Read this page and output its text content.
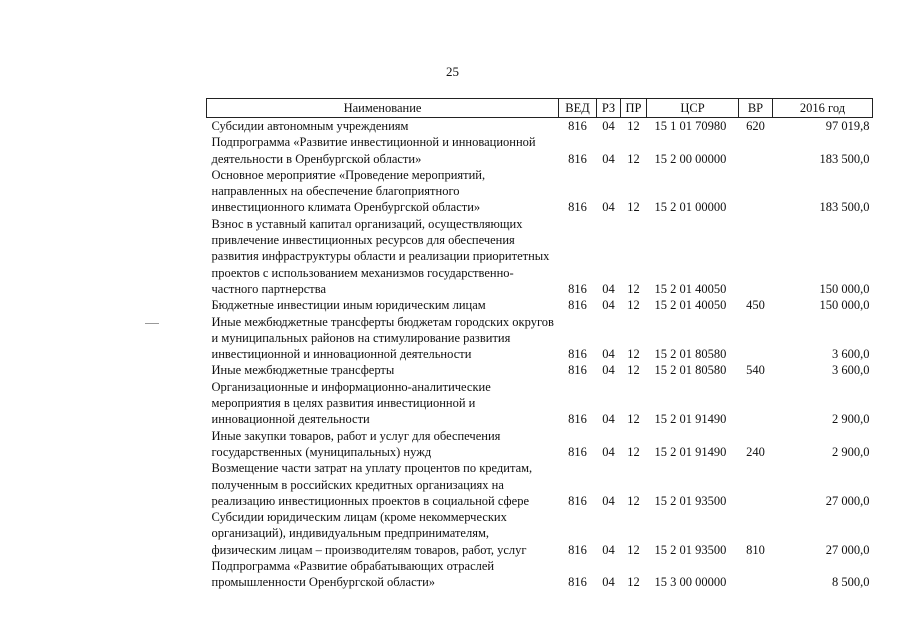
25
Наименование	ВЕД	РЗ	ПР	ЦСР	ВР	2016 год
Субсидии автономным учреждениям	816	04	12	15 1 01 70980	620	97 019,8
Подпрограмма «Развитие инвестиционной и инновационной деятельности в Оренбургской области»	816	04	12	15 2 00 00000		183 500,0
Основное мероприятие «Проведение мероприятий, направленных на обеспечение благоприятного инвестиционного климата Оренбургской области»	816	04	12	15 2 01 00000		183 500,0
Взнос в уставный капитал организаций, осуществляющих привлечение инвестиционных ресурсов для обеспечения развития инфраструктуры области и реализации приоритетных проектов с использованием механизмов государственно-частного партнерства	816	04	12	15 2 01 40050		150 000,0
Бюджетные инвестиции иным юридическим лицам	816	04	12	15 2 01 40050	450	150 000,0
Иные межбюджетные трансферты бюджетам городских округов и муниципальных районов на стимулирование развития инвестиционной и инновационной деятельности	816	04	12	15 2 01 80580		3 600,0
Иные межбюджетные трансферты	816	04	12	15 2 01 80580	540	3 600,0
Организационные и информационно-аналитические мероприятия в целях развития инвестиционной и инновационной деятельности	816	04	12	15 2 01 91490		2 900,0
Иные закупки товаров, работ и услуг для обеспечения государственных (муниципальных) нужд	816	04	12	15 2 01 91490	240	2 900,0
Возмещение части затрат на уплату процентов по кредитам, полученным в российских кредитных организациях на реализацию инвестиционных проектов в социальной сфере	816	04	12	15 2 01 93500		27 000,0
Субсидии юридическим лицам (кроме некоммерческих организаций), индивидуальным предпринимателям, физическим лицам – производителям товаров, работ, услуг	816	04	12	15 2 01 93500	810	27 000,0
Подпрограмма «Развитие обрабатывающих отраслей промышленности Оренбургской области»	816	04	12	15 3 00 00000		8 500,0
